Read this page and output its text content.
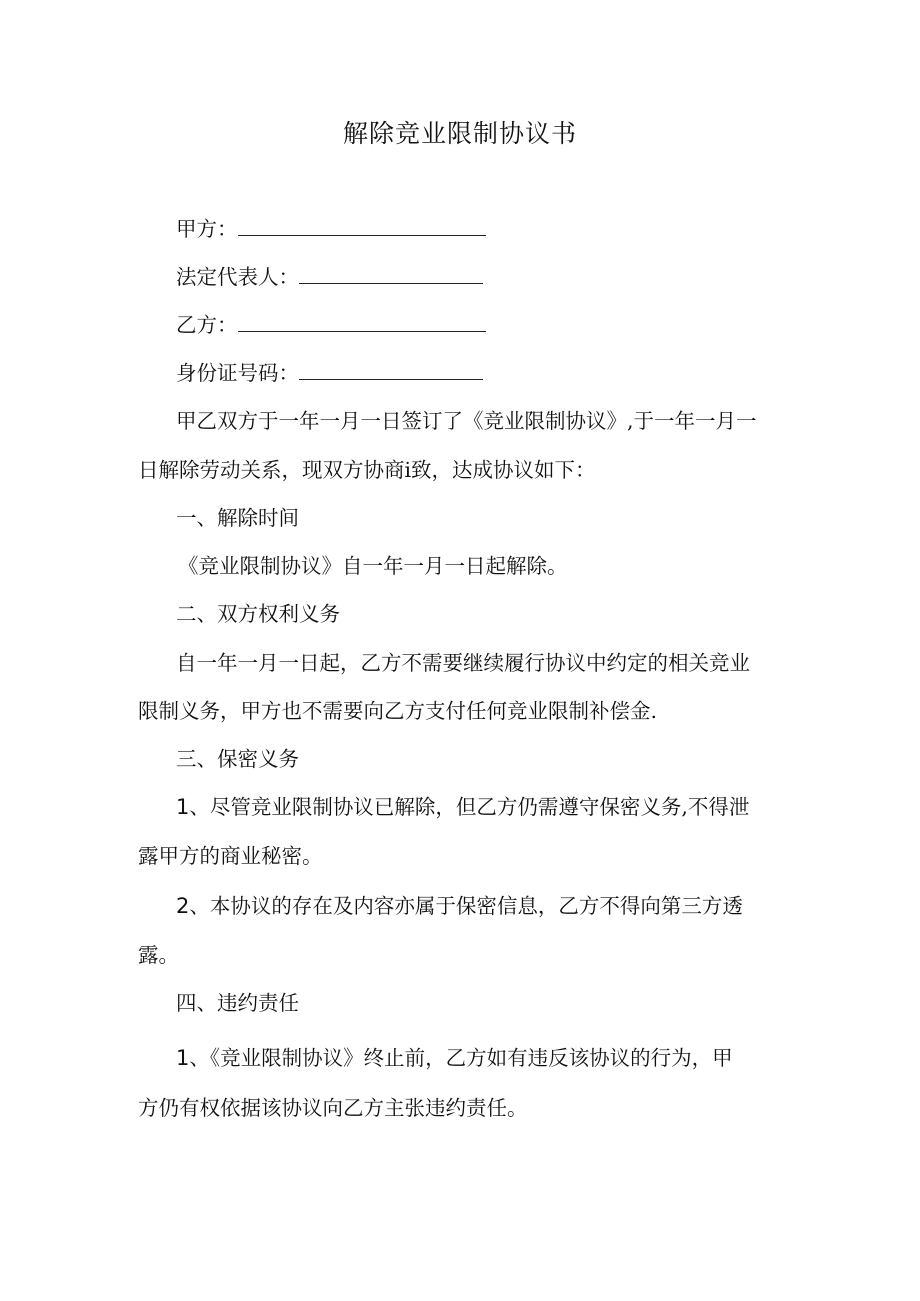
解除竞业限制协议书
甲方：
法定代表人：
乙方：
身份证号码：
甲乙双方于一年一月一日签订了《竞业限制协议》,于一年一月一
日解除劳动关系，现双方协商i致，达成协议如下：
一、解除时间
《竞业限制协议》自一年一月一日起解除。
二、双方权利义务
自一年一月一日起，乙方不需要继续履行协议中约定的相关竞业
限制义务，甲方也不需要向乙方支付任何竞业限制补偿金.
三、保密义务
1、尽管竞业限制协议已解除，但乙方仍需遵守保密义务,不得泄
露甲方的商业秘密。
2、本协议的存在及内容亦属于保密信息，乙方不得向第三方透
露。
四、违约责任
1、《竞业限制协议》终止前，乙方如有违反该协议的行为，甲
方仍有权依据该协议向乙方主张违约责任。
